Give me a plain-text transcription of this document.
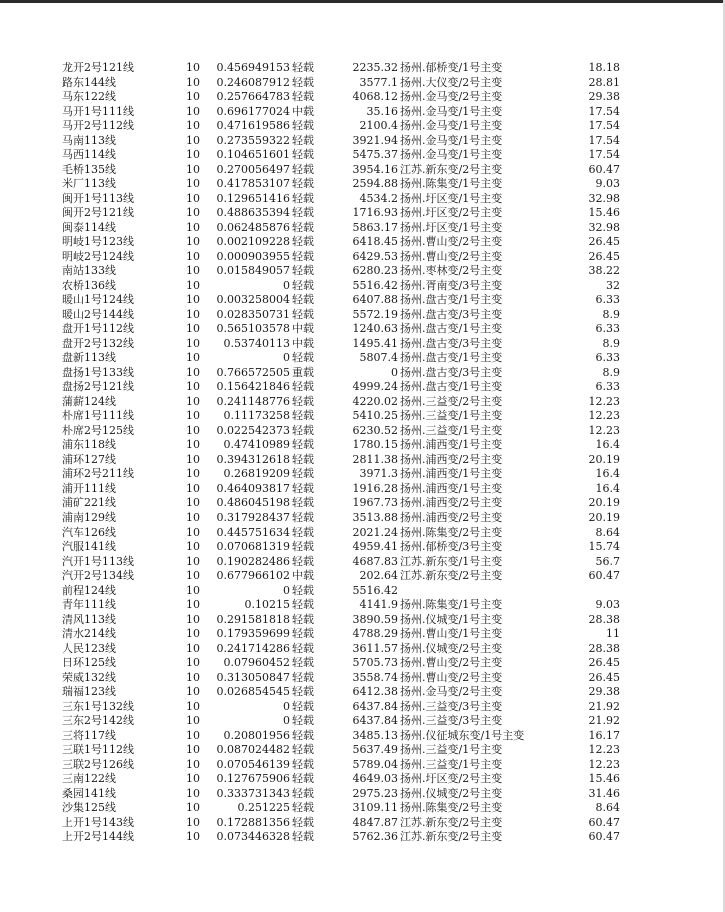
龙开2号121线	10	0.456949153 轻载	2235.32 扬州.郁桥变/1号主变	18.18
路东144线	10	0.246087912 轻载	3577.1 扬州.大仪变/2号主变	28.81
马东122线	10	0.257664783 轻载	4068.12 扬州.金马变/2号主变	29.38
马开1号111线	10	0.696177024 中载	35.16 扬州.金马变/1号主变	17.54
马开2号112线	10	0.471619586 轻载	2100.4 扬州.金马变/1号主变	17.54
马南113线	10	0.273559322 轻载	3921.94 扬州.金马变/1号主变	17.54
马西114线	10	0.104651601 轻载	5475.37 扬州.金马变/1号主变	17.54
毛桥135线	10	0.270056497 轻载	3954.16 江苏.新东变/2号主变	60.47
米厂113线	10	0.417853107 轻载	2594.88 扬州.陈集变/1号主变	9.03
闽开1号113线	10	0.129651416 轻载	4534.2 扬州.圩区变/1号主变	32.98
闽开2号121线	10	0.488635394 轻载	1716.93 扬州.圩区变/2号主变	15.46
闽泰114线	10	0.062485876 轻载	5863.17 扬州.圩区变/1号主变	32.98
明岐1号123线	10	0.002109228 轻载	6418.45 扬州.曹山变/2号主变	26.45
明岐2号124线	10	0.000903955 轻载	6429.53 扬州.曹山变/2号主变	26.45
南站133线	10	0.015849057 轻载	6280.23 扬州.枣林变/2号主变	38.22
农桥136线	10	0 轻载	5516.42 扬州.胥南变/3号主变	32
暖山1号124线	10	0.003258004 轻载	6407.88 扬州.盘古变/1号主变	6.33
暖山2号144线	10	0.028350731 轻载	5572.19 扬州.盘古变/3号主变	8.9
盘开1号112线	10	0.565103578 中载	1240.63 扬州.盘古变/1号主变	6.33
盘开2号132线	10	0.53740113 中载	1495.41 扬州.盘古变/3号主变	8.9
盘新113线	10	0 轻载	5807.4 扬州.盘古变/1号主变	6.33
盘扬1号133线	10	0.766572505 重载	0 扬州.盘古变/3号主变	8.9
盘扬2号121线	10	0.156421846 轻载	4999.24 扬州.盘古变/1号主变	6.33
蒲薪124线	10	0.241148776 轻载	4220.02 扬州.三益变/2号主变	12.23
朴席1号111线	10	0.11173258 轻载	5410.25 扬州.三益变/1号主变	12.23
朴席2号125线	10	0.022542373 轻载	6230.52 扬州.三益变/1号主变	12.23
浦东118线	10	0.47410989 轻载	1780.15 扬州.浦西变/1号主变	16.4
浦环127线	10	0.394312618 轻载	2811.38 扬州.浦西变/2号主变	20.19
浦环2号211线	10	0.26819209 轻载	3971.3 扬州.浦西变/1号主变	16.4
浦开111线	10	0.464093817 轻载	1916.28 扬州.浦西变/1号主变	16.4
浦矿221线	10	0.486045198 轻载	1967.73 扬州.浦西变/2号主变	20.19
浦南129线	10	0.317928437 轻载	3513.88 扬州.浦西变/2号主变	20.19
汽车126线	10	0.445751634 轻载	2021.24 扬州.陈集变/2号主变	8.64
汽服141线	10	0.070681319 轻载	4959.41 扬州.郁桥变/3号主变	15.74
汽开1号113线	10	0.190282486 轻载	4687.83 江苏.新东变/1号主变	56.7
汽开2号134线	10	0.677966102 中载	202.64 江苏.新东变/2号主变	60.47
前程124线	10	0 轻载	5516.42
青年111线	10	0.10215 轻载	4141.9 扬州.陈集变/1号主变	9.03
清风113线	10	0.291581818 轻载	3890.59 扬州.仪城变/1号主变	28.38
清水214线	10	0.179359699 轻载	4788.29 扬州.曹山变/1号主变	11
人民123线	10	0.241714286 轻载	3611.57 扬州.仪城变/2号主变	28.38
日环125线	10	0.07960452 轻载	5705.73 扬州.曹山变/2号主变	26.45
荣威132线	10	0.313050847 轻载	3558.74 扬州.曹山变/2号主变	26.45
瑞福123线	10	0.026854545 轻载	6412.38 扬州.金马变/2号主变	29.38
三东1号132线	10	0 轻载	6437.84 扬州.三益变/3号主变	21.92
三东2号142线	10	0 轻载	6437.84 扬州.三益变/3号主变	21.92
三将117线	10	0.20801956 轻载	3485.13 扬州.仪征城东变/1号主变	16.17
三联1号112线	10	0.087024482 轻载	5637.49 扬州.三益变/1号主变	12.23
三联2号126线	10	0.070546139 轻载	5789.04 扬州.三益变/1号主变	12.23
三南122线	10	0.127675906 轻载	4649.03 扬州.圩区变/2号主变	15.46
桑园141线	10	0.333731343 轻载	2975.23 扬州.仪城变/2号主变	31.46
沙集125线	10	0.251225 轻载	3109.11 扬州.陈集变/2号主变	8.64
上开1号143线	10	0.172881356 轻载	4847.87 江苏.新东变/2号主变	60.47
上开2号144线	10	0.073446328 轻载	5762.36 江苏.新东变/2号主变	60.47
